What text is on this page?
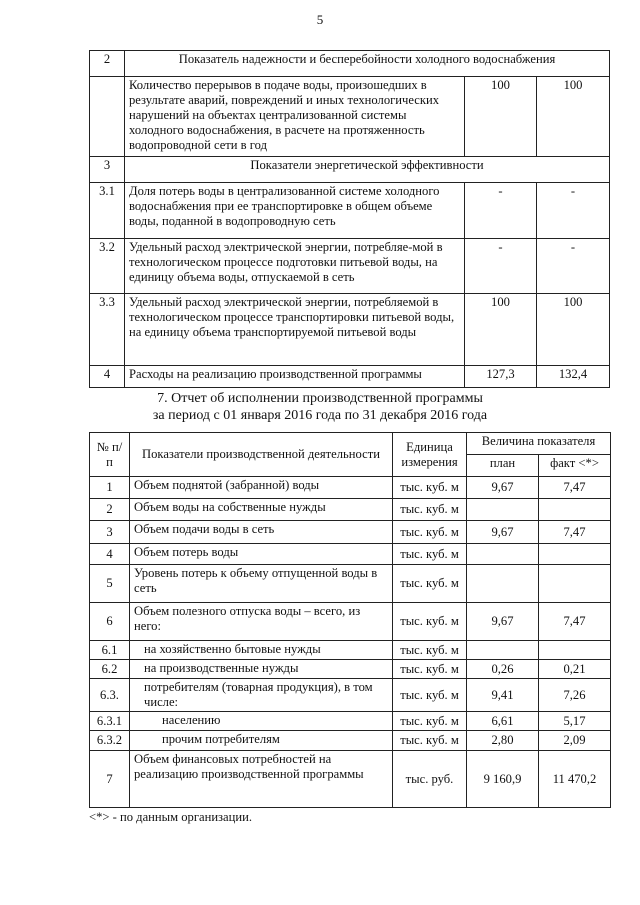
5
2	Показатель надежности и бесперебойности холодного водоснабжения		
	Количество перерывов в подаче воды, произошедших в результате аварий, повреждений и иных технологических нарушений на объектах централизованной системы холодного водоснабжения, в расчете на протяженность водопроводной сети в год	100	100
3	Показатели энергетической эффективности		
3.1	Доля потерь воды в централизованной системе холодного водоснабжения при ее транспортировке в общем объеме воды, поданной в водопроводную сеть	-	-
3.2	Удельный расход электрической энергии, потребляе-мой в технологическом процессе подготовки питьевой воды, на единицу объема воды, отпускаемой в сеть	-	-
3.3	Удельный расход электрической энергии, потребляемой в технологическом процессе транспортировки питьевой воды, на единицу объема транспортируемой питьевой воды	100	100
4	Расходы на реализацию производственной программы	127,3	132,4
7. Отчет об исполнении производственной программы
за период с 01 января 2016 года по 31 декабря 2016 года
№ п/п	Показатели производственной деятельности	Единица измерения	Величина показателя	
			план	факт <*>
1	Объем поднятой (забранной) воды	тыс. куб. м	9,67	7,47
2	Объем воды на собственные нужды	тыс. куб. м		
3	Объем подачи воды в сеть	тыс. куб. м	9,67	7,47
4	Объем потерь воды	тыс. куб. м		
5	Уровень потерь к объему отпущенной воды в сеть	тыс. куб. м		
6	Объем полезного отпуска воды – всего, из него:	тыс. куб. м	9,67	7,47
6.1	на хозяйственно бытовые нужды	тыс. куб. м		
6.2	на производственные нужды	тыс. куб. м	0,26	0,21
6.3.	потребителям (товарная продукция), в том числе:	тыс. куб. м	9,41	7,26
6.3.1	населению	тыс. куб. м	6,61	5,17
6.3.2	прочим потребителям	тыс. куб. м	2,80	2,09
7	Объем финансовых потребностей на реализацию производственной программы	тыс. руб.	9 160,9	11 470,2
<*> - по данным организации.
